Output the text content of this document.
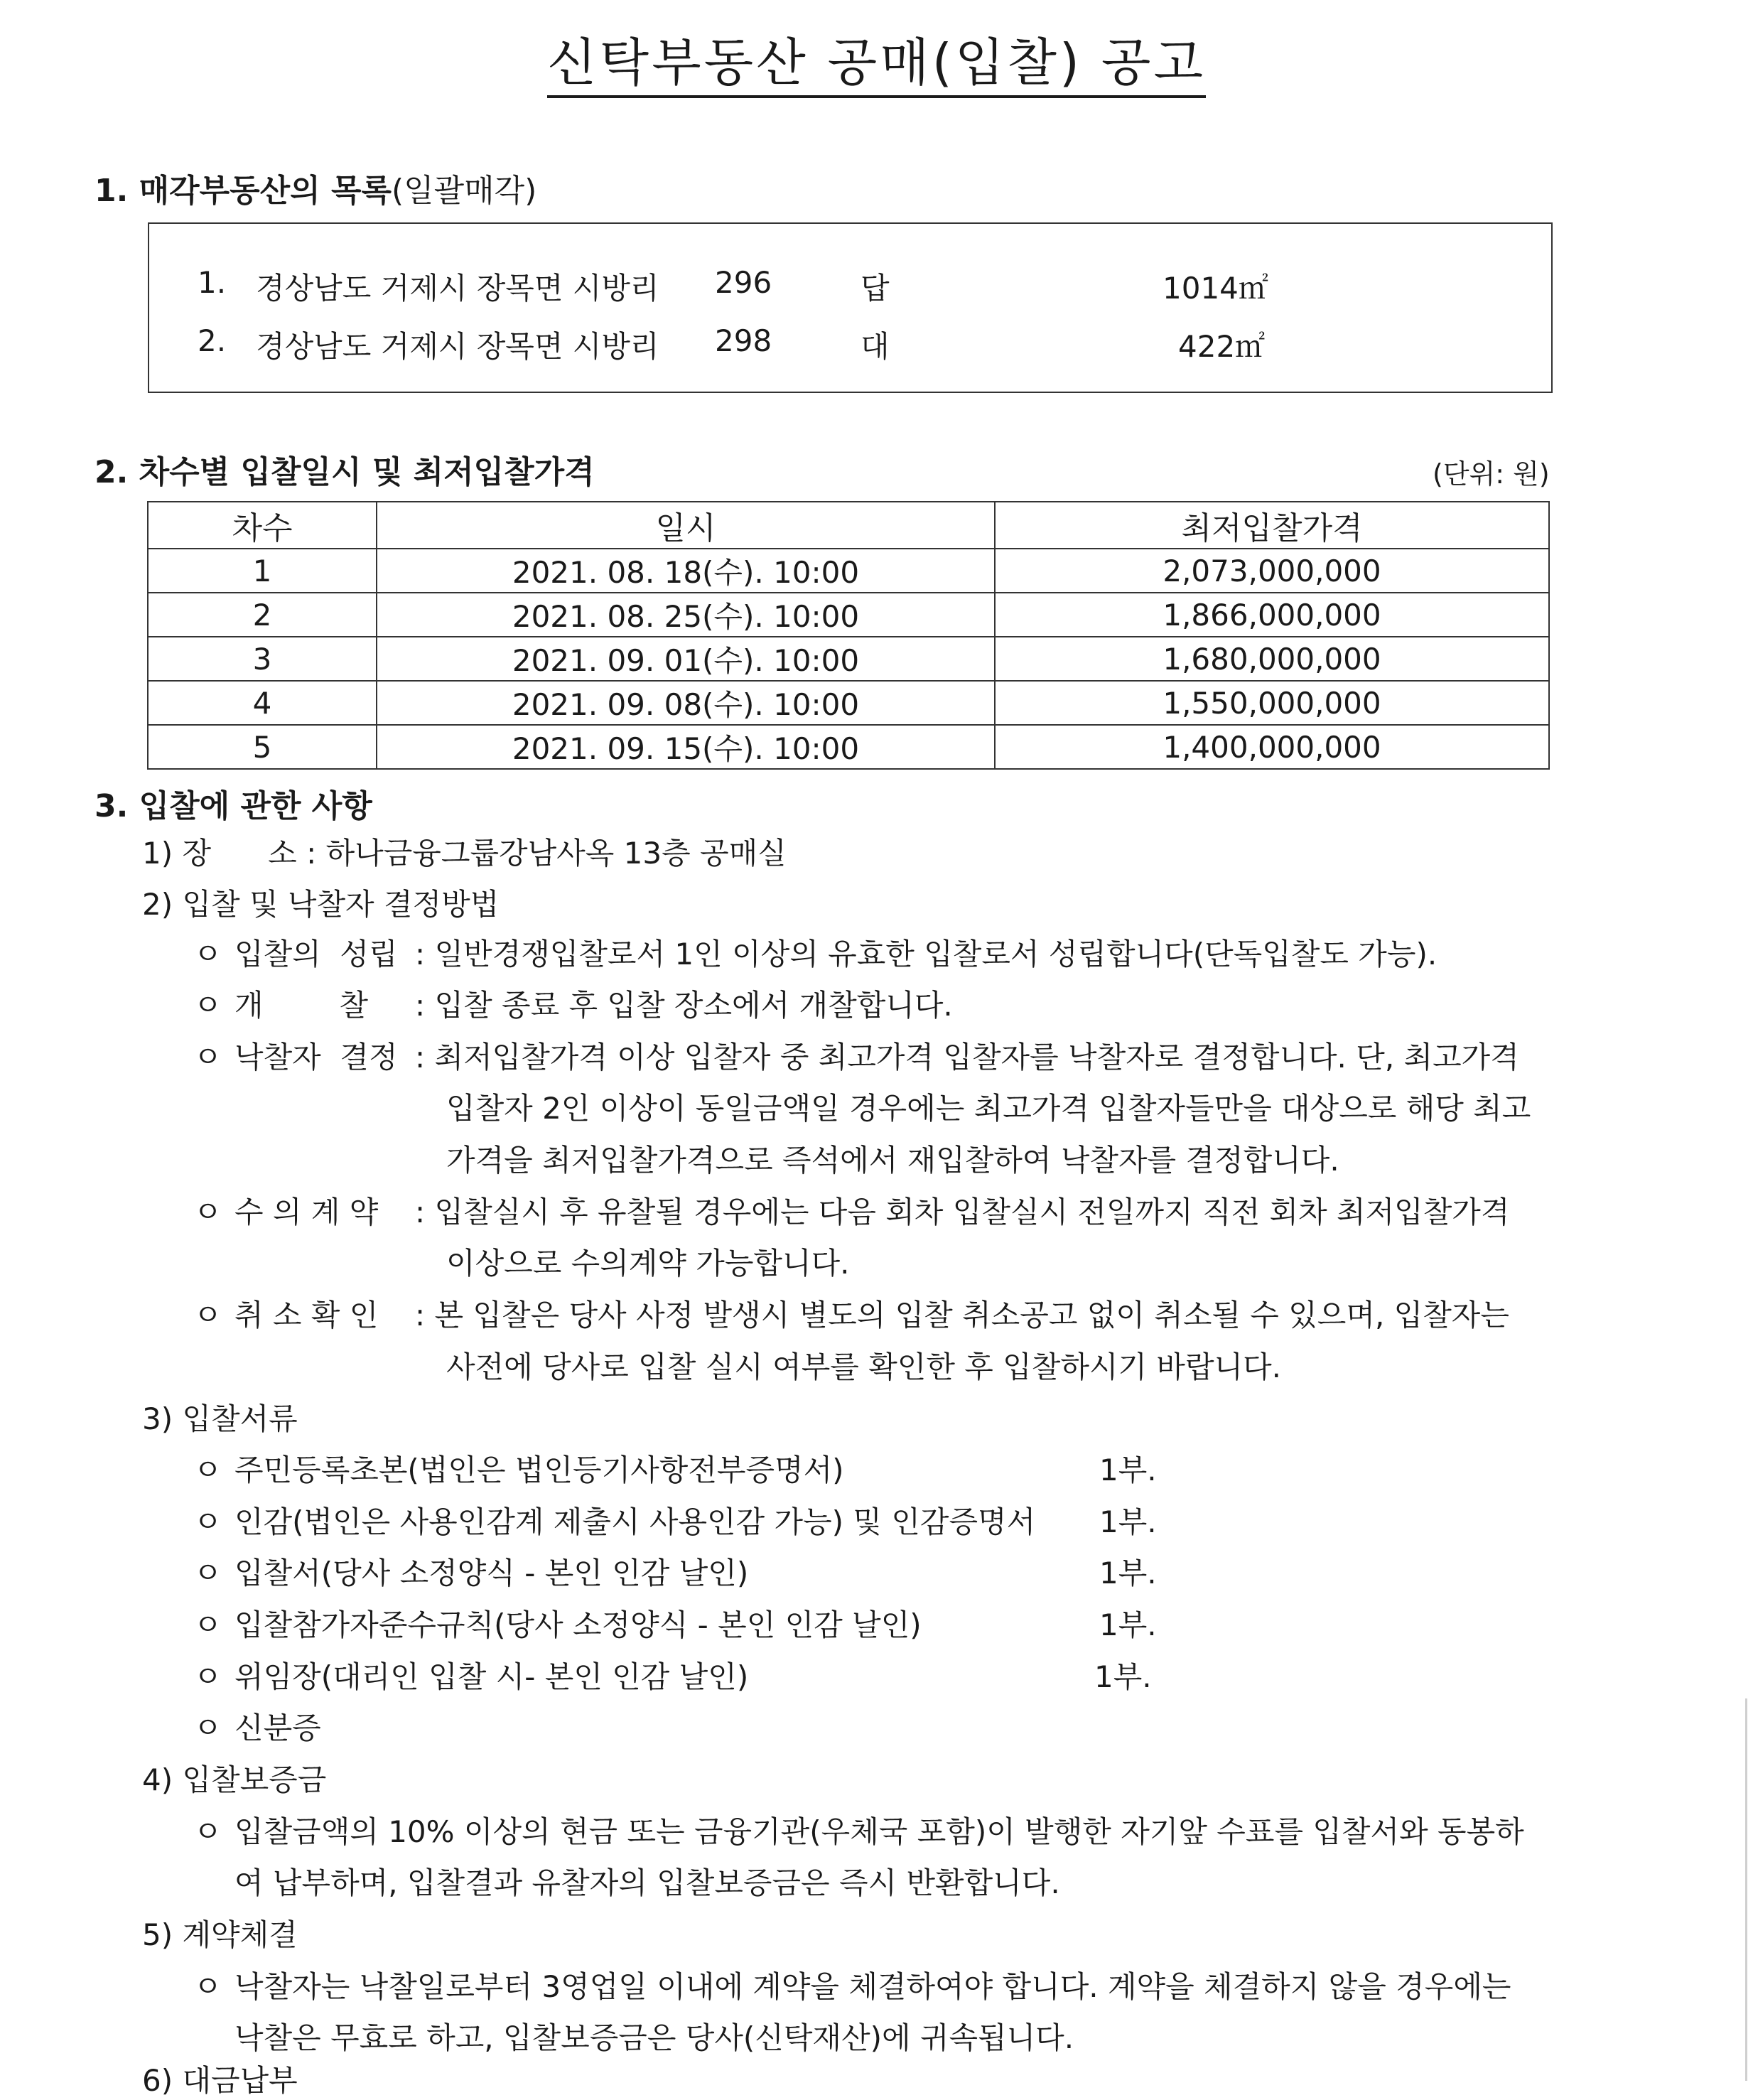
신탁부동산 공매(입찰) 공고
1. 매각부동산의 목록(일괄매각)
1. 경상남도 거제시 장목면 시방리 296	답	1014㎡
2. 경상남도 거제시 장목면 시방리 298	대	422㎡
2. 차수별 입찰일시 및 최저입찰가격	(단위: 원)
차수	일시	최저입찰가격
1	2021. 08. 18(수). 10:00	2,073,000,000
2	2021. 08. 25(수). 10:00	1,866,000,000
3	2021. 09. 01(수). 10:00	1,680,000,000
4	2021. 09. 08(수). 10:00	1,550,000,000
5	2021. 09. 15(수). 10:00	1,400,000,000
3. 입찰에 관한 사항
1) 장      소 : 하나금융그룹강남사옥 13층 공매실
2) 입찰 및 낙찰자 결정방법
ㅇ 입찰의  성립 : 일반경쟁입찰로서 1인 이상의 유효한 입찰로서 성립합니다(단독입찰도 가능).
ㅇ 개        찰 : 입찰 종료 후 입찰 장소에서 개찰합니다.
ㅇ 낙찰자  결정 : 최저입찰가격 이상 입찰자 중 최고가격 입찰자를 낙찰자로 결정합니다. 단, 최고가격
입찰자 2인 이상이 동일금액일 경우에는 최고가격 입찰자들만을 대상으로 해당 최고
가격을 최저입찰가격으로 즉석에서 재입찰하여 낙찰자를 결정합니다.
ㅇ 수 의 계 약 : 입찰실시 후 유찰될 경우에는 다음 회차 입찰실시 전일까지 직전 회차 최저입찰가격
이상으로 수의계약 가능합니다.
ㅇ 취 소 확 인 : 본 입찰은 당사 사정 발생시 별도의 입찰 취소공고 없이 취소될 수 있으며, 입찰자는
사전에 당사로 입찰 실시 여부를 확인한 후 입찰하시기 바랍니다.
3) 입찰서류
ㅇ 주민등록초본(법인은 법인등기사항전부증명서)	1부.
ㅇ 인감(법인은 사용인감계 제출시 사용인감 가능) 및 인감증명서 1부.
ㅇ 입찰서(당사 소정양식 - 본인 인감 날인)	1부.
ㅇ 입찰참가자준수규칙(당사 소정양식 - 본인 인감 날인)	1부.
ㅇ 위임장(대리인 입찰 시- 본인 인감 날인)	1부.
ㅇ 신분증
4) 입찰보증금
ㅇ 입찰금액의 10% 이상의 현금 또는 금융기관(우체국 포함)이 발행한 자기앞 수표를 입찰서와 동봉하
여 납부하며, 입찰결과 유찰자의 입찰보증금은 즉시 반환합니다.
5) 계약체결
ㅇ 낙찰자는 낙찰일로부터 3영업일 이내에 계약을 체결하여야 합니다. 계약을 체결하지 않을 경우에는
낙찰은 무효로 하고, 입찰보증금은 당사(신탁재산)에 귀속됩니다.
6) 대금납부
